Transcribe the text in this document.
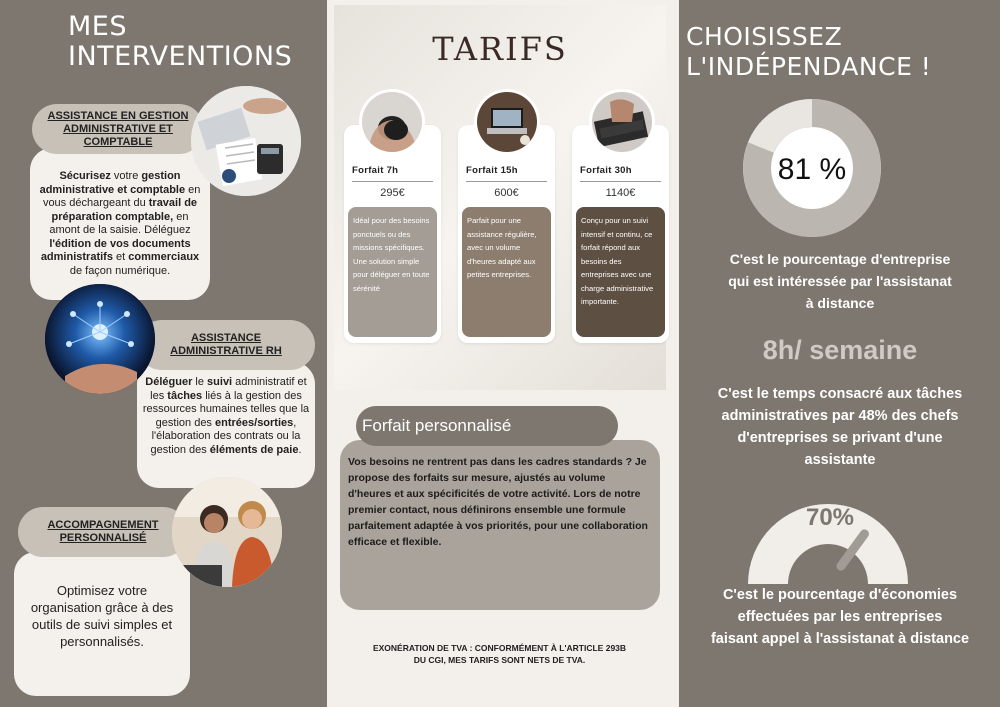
MES
INTERVENTIONS

Sécurisez votre gestion administrative et comptable en vous déchargeant du travail de préparation comptable, en amont de la saisie. Déléguez l'édition de vos documents administratifs et commerciaux de façon numérique.

ASSISTANCE EN GESTION
ADMINISTRATIVE ET
COMPTABLE

Déléguer le suivi administratif et les tâches liés à la gestion des ressources humaines telles que la gestion des entrées/sorties, l'élaboration des contrats ou la gestion des éléments de paie.

ASSISTANCE
ADMINISTRATIVE RH

Optimisez votre organisation grâce à des outils de suivi simples et personnalisés.

ACCOMPAGNEMENT
PERSONNALISÉ
TARIFS
Forfait 7h
295€
Idéal pour des besoins ponctuels ou des missions spécifiques. Une solution simple pour déléguer en toute sérénité
Forfait 15h
600€
Parfait pour une assistance régulière, avec un volume d'heures adapté aux petites entreprises.
Forfait 30h
1140€
Conçu pour un suivi intensif et continu, ce forfait répond aux besoins des entreprises avec une charge administrative importante.
Vos besoins ne rentrent pas dans les cadres standards ? Je propose des forfaits sur mesure, ajustés au volume d'heures et aux spécificités de votre activité. Lors de notre premier contact, nous définirons ensemble une formule parfaitement adaptée à vos priorités, pour une collaboration efficace et flexible.
Forfait personnalisé
EXONÉRATION DE TVA : CONFORMÉMENT À L'ARTICLE 293B
DU CGI, MES TARIFS SONT NETS DE TVA.
CHOISISSEZ
L'INDÉPENDANCE !
81 %
C'est le pourcentage d'entreprise
qui est intéressée par l'assistanat
à distance
8h/ semaine
C'est le temps consacré aux tâches
administratives par 48% des chefs
d'entreprises se privant d'une
assistante
70%
C'est le pourcentage d'économies
effectuées par les entreprises
faisant appel à l'assistanat à distance
